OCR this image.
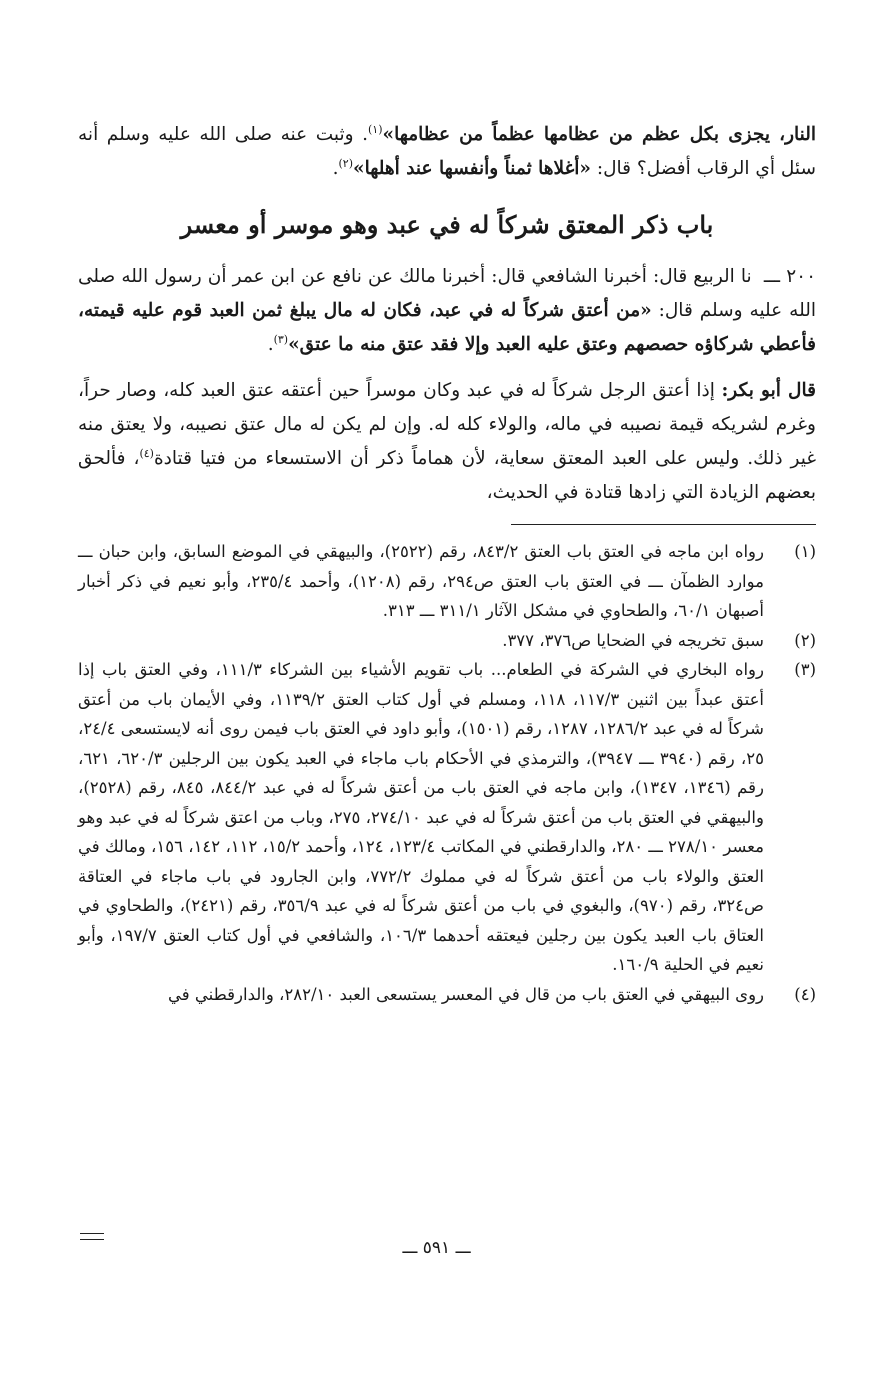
النار، يجزى بكل عظم من عظامها عظماً من عظامها»$^{(١)}$. وثبت عنه صلى الله عليه وسلم أنه سئل أي الرقاب أفضل؟ قال: «أغلاها ثمناً وأنفسها عند أهلها»$^{(٢)}$.

باب ذكر المعتق شركاً له في عبد وهو موسر أو معسر

٢٠٠ ـــ نا الربيع قال: أخبرنا الشافعي قال: أخبرنا مالك عن نافع عن ابن عمر أن رسول الله صلى الله عليه وسلم قال: «من أعتق شركاً له في عبد، فكان له مال يبلغ ثمن العبد قوم عليه قيمته، فأعطي شركاؤه حصصهم وعتق عليه العبد وإلا فقد عتق منه ما عتق»$^{(٣)}$.

قال أبو بكر: إذا أعتق الرجل شركاً له في عبد وكان موسراً حين أعتقه عتق العبد كله، وصار حراً، وغرم لشريكه قيمة نصيبه في ماله، والولاء كله له. وإن لم يكن له مال عتق نصيبه، ولا يعتق منه غير ذلك. وليس على العبد المعتق سعاية، لأن هماماً ذكر أن الاستسعاء من فتيا قتادة$^{(٤)}$، فألحق بعضهم الزيادة التي زادها قتادة في الحديث،

(١)
رواه ابن ماجه في العتق باب العتق ٨٤٣/٢، رقم (٢٥٢٢)، والبيهقي في الموضع السابق، وابن حبان ـــ موارد الظمآن ـــ في العتق باب العتق ص٢٩٤، رقم (١٢٠٨)، وأحمد ٢٣٥/٤، وأبو نعيم في ذكر أخبار أصبهان ٦٠/١، والطحاوي في مشكل الآثار ٣١١/١ ـــ ٣١٣.
(٢)
سبق تخريجه في الضحايا ص٣٧٦، ٣٧٧.
(٣)
رواه البخاري في الشركة في الطعام... باب تقويم الأشياء بين الشركاء ١١١/٣، وفي العتق باب إذا أعتق عبداً بين اثنين ١١٧/٣، ١١٨، ومسلم في أول كتاب العتق ١١٣٩/٢، وفي الأيمان باب من أعتق شركاً له في عبد ١٢٨٦/٢، ١٢٨٧، رقم (١٥٠١)، وأبو داود في العتق باب فيمن روى أنه لايستسعى ٢٤/٤، ٢٥، رقم (٣٩٤٠ ـــ ٣٩٤٧)، والترمذي في الأحكام باب ماجاء في العبد يكون بين الرجلين ٦٢٠/٣، ٦٢١، رقم (١٣٤٦، ١٣٤٧)، وابن ماجه في العتق باب من أعتق شركاً له في عبد ٨٤٤/٢، ٨٤٥، رقم (٢٥٢٨)، والبيهقي في العتق باب من أعتق شركاً له في عبد ٢٧٤/١٠، ٢٧٥، وباب من اعتق شركاً له في عبد وهو معسر ٢٧٨/١٠ ـــ ٢٨٠، والدارقطني في المكاتب ١٢٣/٤، ١٢٤، وأحمد ١٥/٢، ١١٢، ١٤٢، ١٥٦، ومالك في العتق والولاء باب من أعتق شركاً له في مملوك ٧٧٢/٢، وابن الجارود في باب ماجاء في العتاقة ص٣٢٤، رقم (٩٧٠)، والبغوي في باب من أعتق شركاً له في عبد ٣٥٦/٩، رقم (٢٤٢١)، والطحاوي في العتاق باب العبد يكون بين رجلين فيعتقه أحدهما ١٠٦/٣، والشافعي في أول كتاب العتق ١٩٧/٧، وأبو نعيم في الحلية ١٦٠/٩.
(٤)
روى البيهقي في العتق باب من قال في المعسر يستسعى العبد ٢٨٢/١٠، والدارقطني في
ـــ ٥٩١ ـــ
